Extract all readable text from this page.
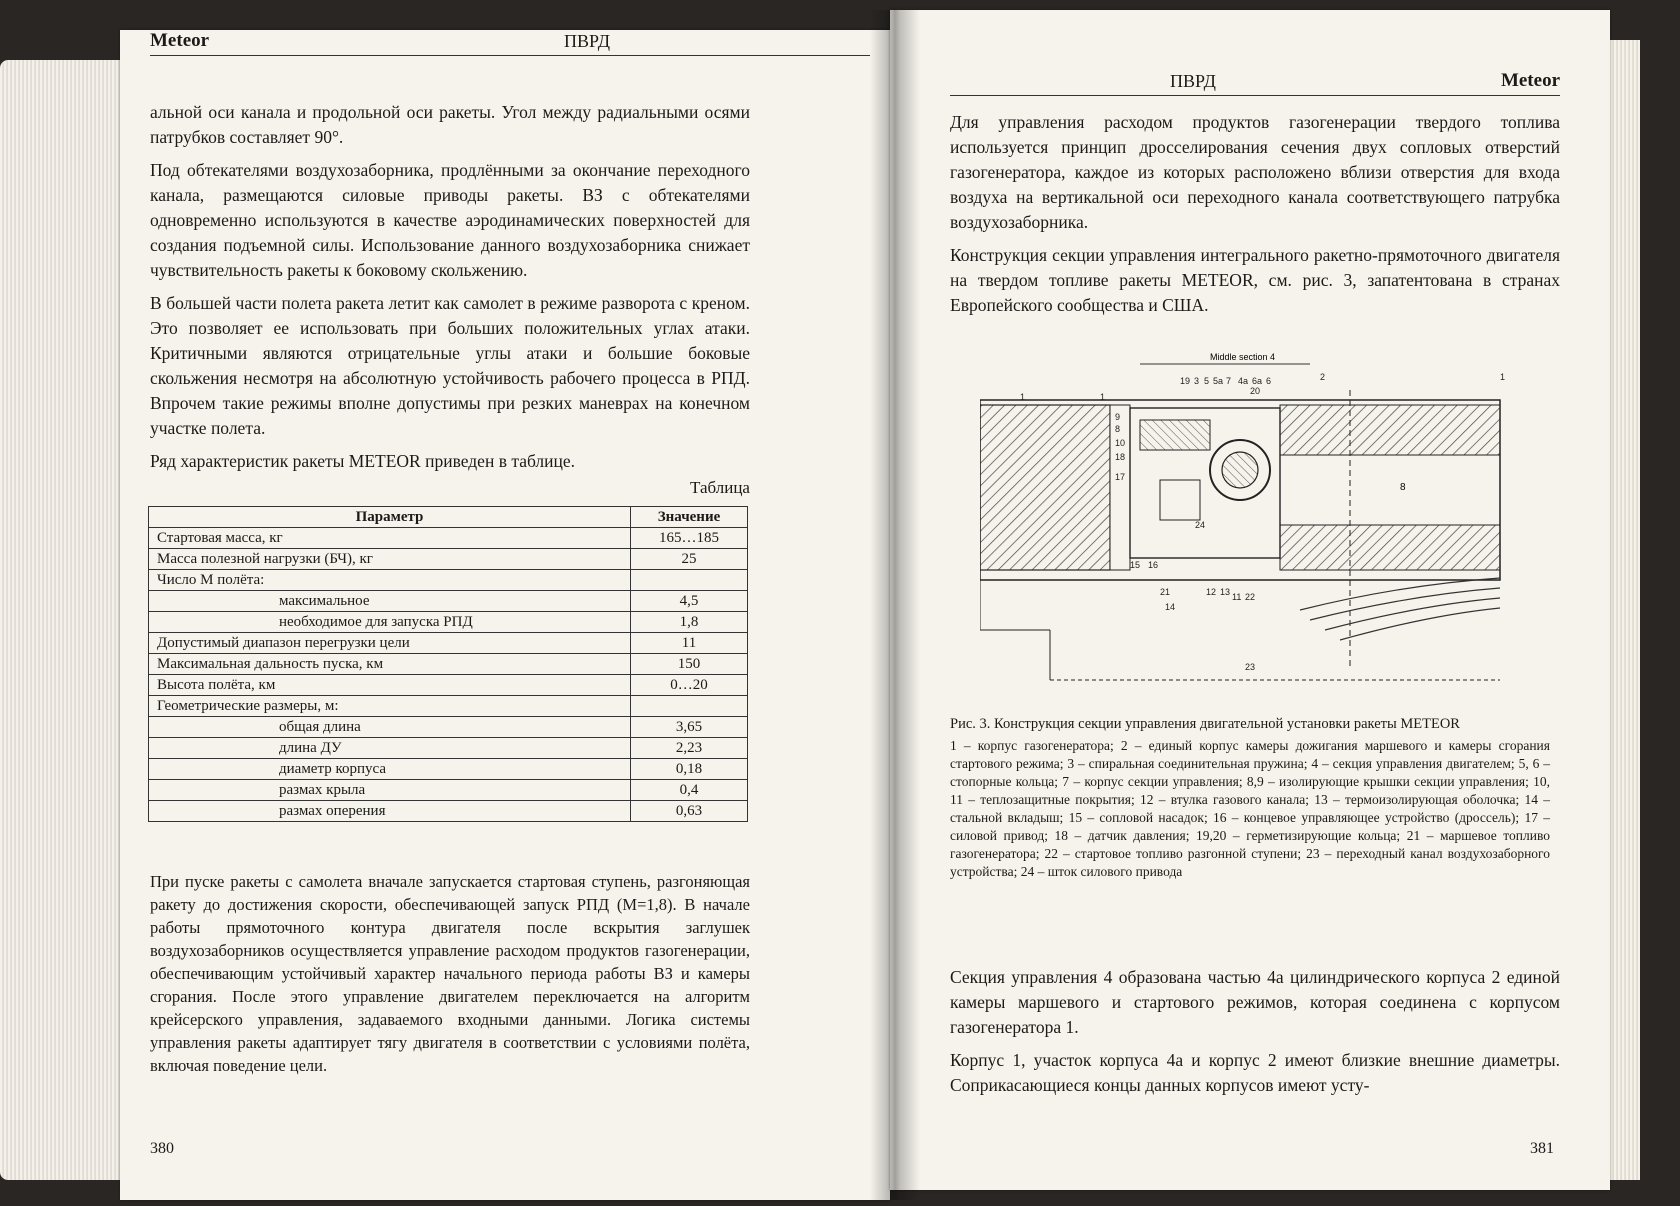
Meteor	ПВРД

альной оси канала и продольной оси ракеты. Угол между радиальными осями патрубков составляет 90°.

Под обтекателями воздухозаборника, продлёнными за окончание переходного канала, размещаются силовые приводы ракеты. ВЗ с обтекателями одновременно используются в качестве аэродинамических поверхностей для создания подъемной силы. Использование данного воздухозаборника снижает чувствительность ракеты к боковому скольжению.

В большей части полета ракета летит как самолет в режиме разворота с креном. Это позволяет ее использовать при больших положительных углах атаки. Критичными являются отрицательные углы атаки и большие боковые скольжения несмотря на абсолютную устойчивость рабочего процесса в РПД. Впрочем такие режимы вполне допустимы при резких маневрах на конечном участке полета.

Ряд характеристик ракеты METEOR приведен в таблице.

Таблица
Параметр	Значение
Стартовая масса, кг	165…185
Масса полезной нагрузки (БЧ), кг	25
Число М полёта:	
максимальное	4,5
необходимое для запуска РПД	1,8
Допустимый диапазон перегрузки цели	11
Максимальная дальность пуска, км	150
Высота полёта, км	0…20
Геометрические размеры, м:	
общая длина	3,65
длина ДУ	2,23
диаметр корпуса	0,18
размах крыла	0,4
размах оперения	0,63

При пуске ракеты с самолета вначале запускается стартовая ступень, разгоняющая ракету до достижения скорости, обеспечивающей запуск РПД (М=1,8). В начале работы прямоточного контура двигателя после вскрытия заглушек воздухозаборников осуществляется управление расходом продуктов газогенерации, обеспечивающим устойчивый характер начального периода работы ВЗ и камеры сгорания. После этого управление двигателем переключается на алгоритм крейсерского управления, задаваемого входными данными. Логика системы управления ракеты адаптирует тягу двигателя в соответствии с условиями полёта, включая поведение цели.

380
ПВРД	Meteor

Для управления расходом продуктов газогенерации твердого топлива используется принцип дросселирования сечения двух сопловых отверстий газогенератора, каждое из которых расположено вблизи отверстия для входа воздуха на вертикальной оси переходного канала соответствующего патрубка воздухозаборника.

Конструкция секции управления интегрального ракетно-прямоточного двигателя на твердом топливе ракеты METEOR, см. рис. 3, запатентована в странах Европейского сообщества и США.

Middle section 4
19 3 5 5a 7 4a 6a 6
20
2
1	1
1
8
9
8
10
18
17
24
15 16
21	12 13 11 22
14
23
Рис. 3. Конструкция секции управления двигательной установки ракеты METEOR
1 – корпус газогенератора; 2 – единый корпус камеры дожигания маршевого и камеры сгорания стартового режима; 3 – спиральная соединительная пружина; 4 – секция управления двигателем; 5, 6 – стопорные кольца; 7 – корпус секции управления; 8,9 – изолирующие крышки секции управления; 10, 11 – теплозащитные покрытия; 12 – втулка газового канала; 13 – термоизолирующая оболочка; 14 – стальной вкладыш; 15 – сопловой насадок; 16 – концевое управляющее устройство (дроссель); 17 – силовой привод; 18 – датчик давления; 19,20 – герметизирующие кольца; 21 – маршевое топливо газогенератора; 22 – стартовое топливо разгонной ступени; 23 – переходный канал воздухозаборного устройства; 24 – шток силового привода

Секция управления 4 образована частью 4а цилиндрического корпуса 2 единой камеры маршевого и стартового режимов, которая соединена с корпусом газогенератора 1.

Корпус 1, участок корпуса 4а и корпус 2 имеют близкие внешние диаметры. Соприкасающиеся концы данных корпусов имеют усту-

381
